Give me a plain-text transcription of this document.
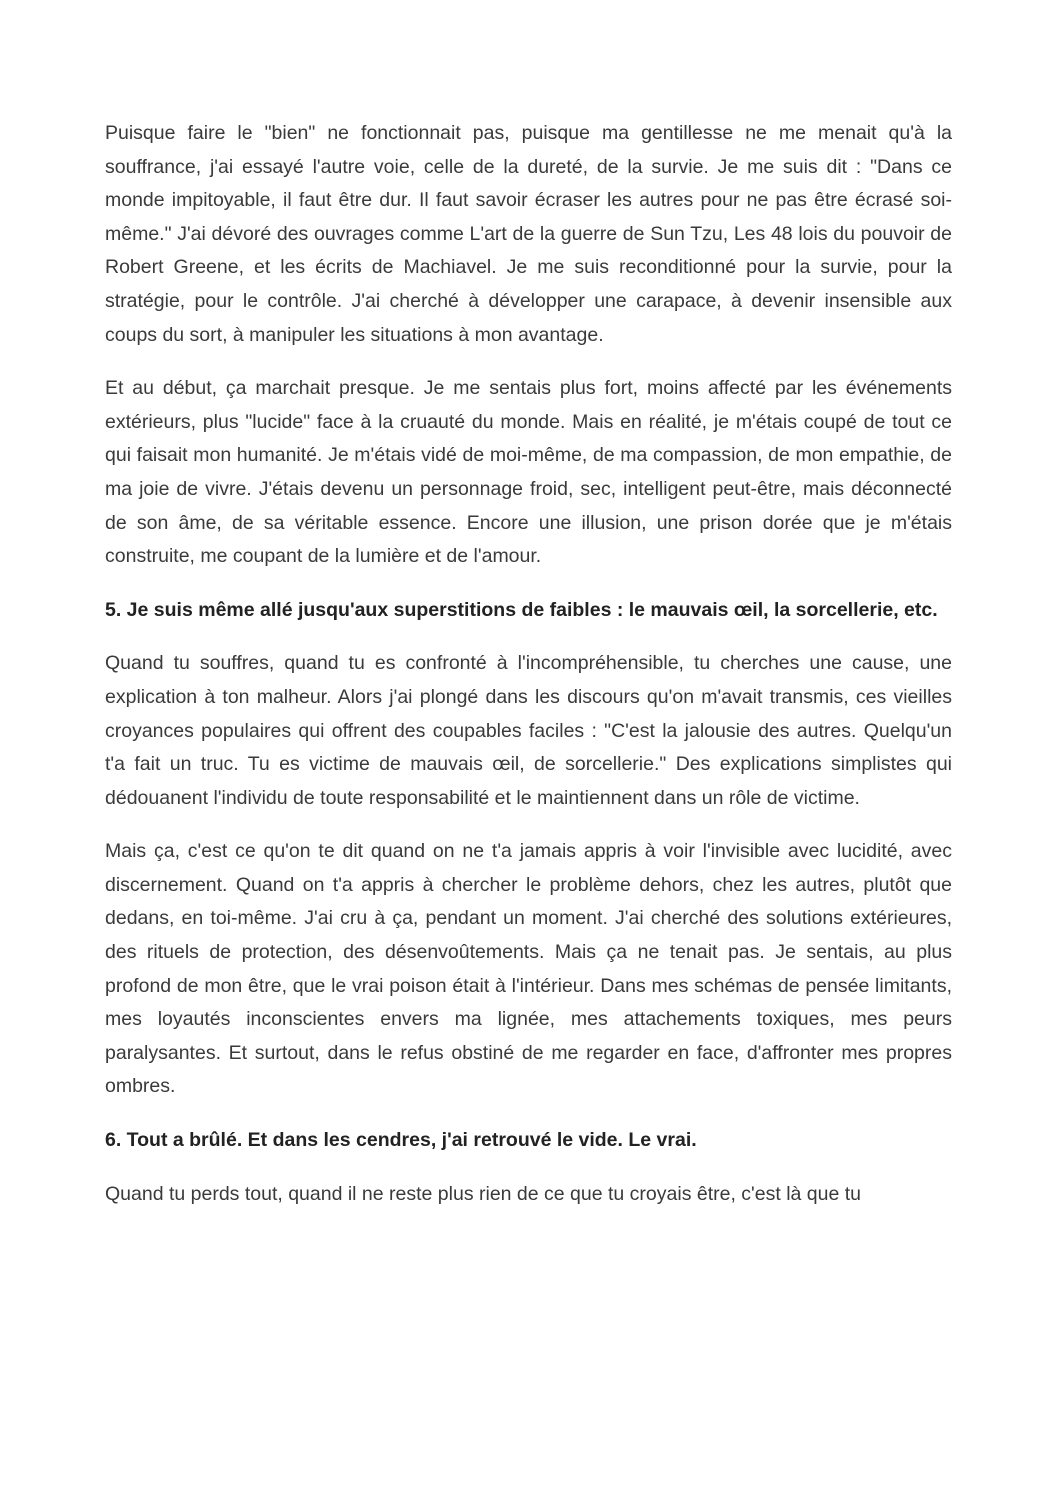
Puisque faire le "bien" ne fonctionnait pas, puisque ma gentillesse ne me menait qu'à la souffrance, j'ai essayé l'autre voie, celle de la dureté, de la survie. Je me suis dit : "Dans ce monde impitoyable, il faut être dur. Il faut savoir écraser les autres pour ne pas être écrasé soi-même." J'ai dévoré des ouvrages comme L'art de la guerre de Sun Tzu, Les 48 lois du pouvoir de Robert Greene, et les écrits de Machiavel. Je me suis reconditionné pour la survie, pour la stratégie, pour le contrôle. J'ai cherché à développer une carapace, à devenir insensible aux coups du sort, à manipuler les situations à mon avantage.

Et au début, ça marchait presque. Je me sentais plus fort, moins affecté par les événements extérieurs, plus "lucide" face à la cruauté du monde. Mais en réalité, je m'étais coupé de tout ce qui faisait mon humanité. Je m'étais vidé de moi-même, de ma compassion, de mon empathie, de ma joie de vivre. J'étais devenu un personnage froid, sec, intelligent peut-être, mais déconnecté de son âme, de sa véritable essence. Encore une illusion, une prison dorée que je m'étais construite, me coupant de la lumière et de l'amour.

5. Je suis même allé jusqu'aux superstitions de faibles : le mauvais œil, la sorcellerie, etc.

Quand tu souffres, quand tu es confronté à l'incompréhensible, tu cherches une cause, une explication à ton malheur. Alors j'ai plongé dans les discours qu'on m'avait transmis, ces vieilles croyances populaires qui offrent des coupables faciles : "C'est la jalousie des autres. Quelqu'un t'a fait un truc. Tu es victime de mauvais œil, de sorcellerie." Des explications simplistes qui dédouanent l'individu de toute responsabilité et le maintiennent dans un rôle de victime.

Mais ça, c'est ce qu'on te dit quand on ne t'a jamais appris à voir l'invisible avec lucidité, avec discernement. Quand on t'a appris à chercher le problème dehors, chez les autres, plutôt que dedans, en toi-même. J'ai cru à ça, pendant un moment. J'ai cherché des solutions extérieures, des rituels de protection, des désenvoûtements. Mais ça ne tenait pas. Je sentais, au plus profond de mon être, que le vrai poison était à l'intérieur. Dans mes schémas de pensée limitants, mes loyautés inconscientes envers ma lignée, mes attachements toxiques, mes peurs paralysantes. Et surtout, dans le refus obstiné de me regarder en face, d'affronter mes propres ombres.

6. Tout a brûlé. Et dans les cendres, j'ai retrouvé le vide. Le vrai.

Quand tu perds tout, quand il ne reste plus rien de ce que tu croyais être, c'est là que tu
